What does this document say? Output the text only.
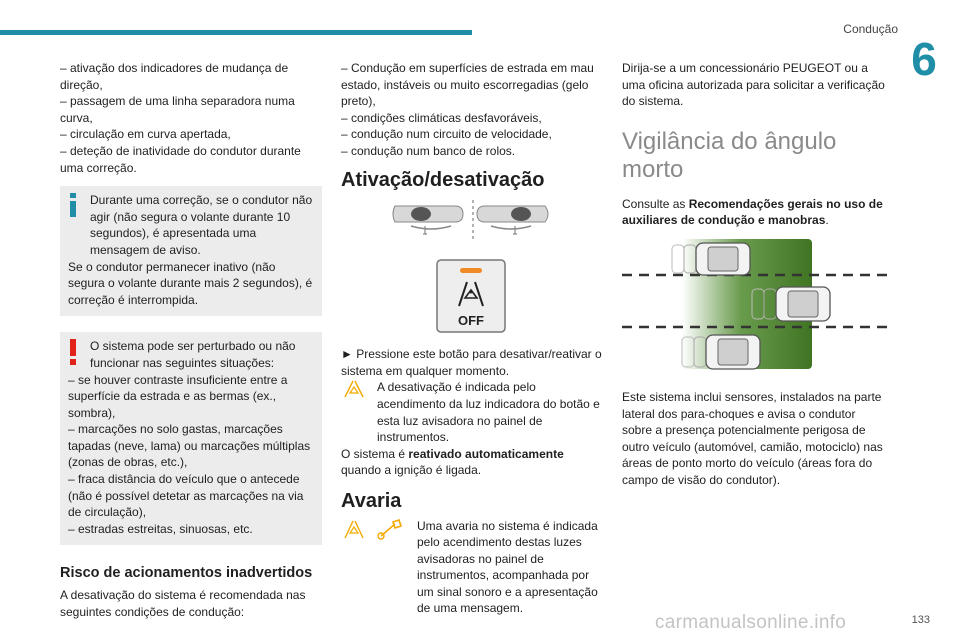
Condução
6

– ativação dos indicadores de mudança de direção,

– passagem de uma linha separadora numa curva,

– circulação em curva apertada,

– deteção de inatividade do condutor durante uma correção.

Durante uma correção, se o condutor não agir (não segura o volante durante 10 segundos), é apresentada uma mensagem de aviso.

Se o condutor permanecer inativo (não segura o volante durante mais 2 segundos), é correção é interrompida.

O sistema pode ser perturbado ou não funcionar nas seguintes situações:

– se houver contraste insuficiente entre a superfície da estrada e as bermas (ex., sombra),

– marcações no solo gastas, marcações tapadas (neve, lama) ou marcações múltiplas (zonas de obras, etc.),

– fraca distância do veículo que o antecede (não é possível detetar as marcações na via de circulação),

– estradas estreitas, sinuosas, etc.

Risco de acionamentos inadvertidos

A desativação do sistema é recomendada nas seguintes condições de condução:

– Condução em superfícies de estrada em mau estado, instáveis ou muito escorregadias (gelo preto),

– condições climáticas desfavoráveis,

– condução num circuito de velocidade,

– condução num banco de rolos.

Ativação/desativação
OFF

► Pressione este botão para desativar/reativar o sistema em qualquer momento.

A desativação é indicada pelo acendimento da luz indicadora do botão e esta luz avisadora no painel de instrumentos.

O sistema é reativado automaticamente

quando a ignição é ligada.

Avaria

Uma avaria no sistema é indicada pelo acendimento destas luzes avisadoras no painel de instrumentos, acompanhada por um sinal sonoro e a apresentação de uma mensagem.

Dirija-se a um concessionário PEUGEOT ou a uma oficina autorizada para solicitar a verificação do sistema.

Vigilância do ângulo morto

Consulte as Recomendações gerais no uso de auxiliares de condução e manobras.

Este sistema inclui sensores, instalados na parte lateral dos para-choques e avisa o condutor sobre a presença potencialmente perigosa de outro veículo (automóvel, camião, motociclo) nas áreas de ponto morto do veículo (áreas fora do campo de visão do condutor).

carmanualsonline.info	133
